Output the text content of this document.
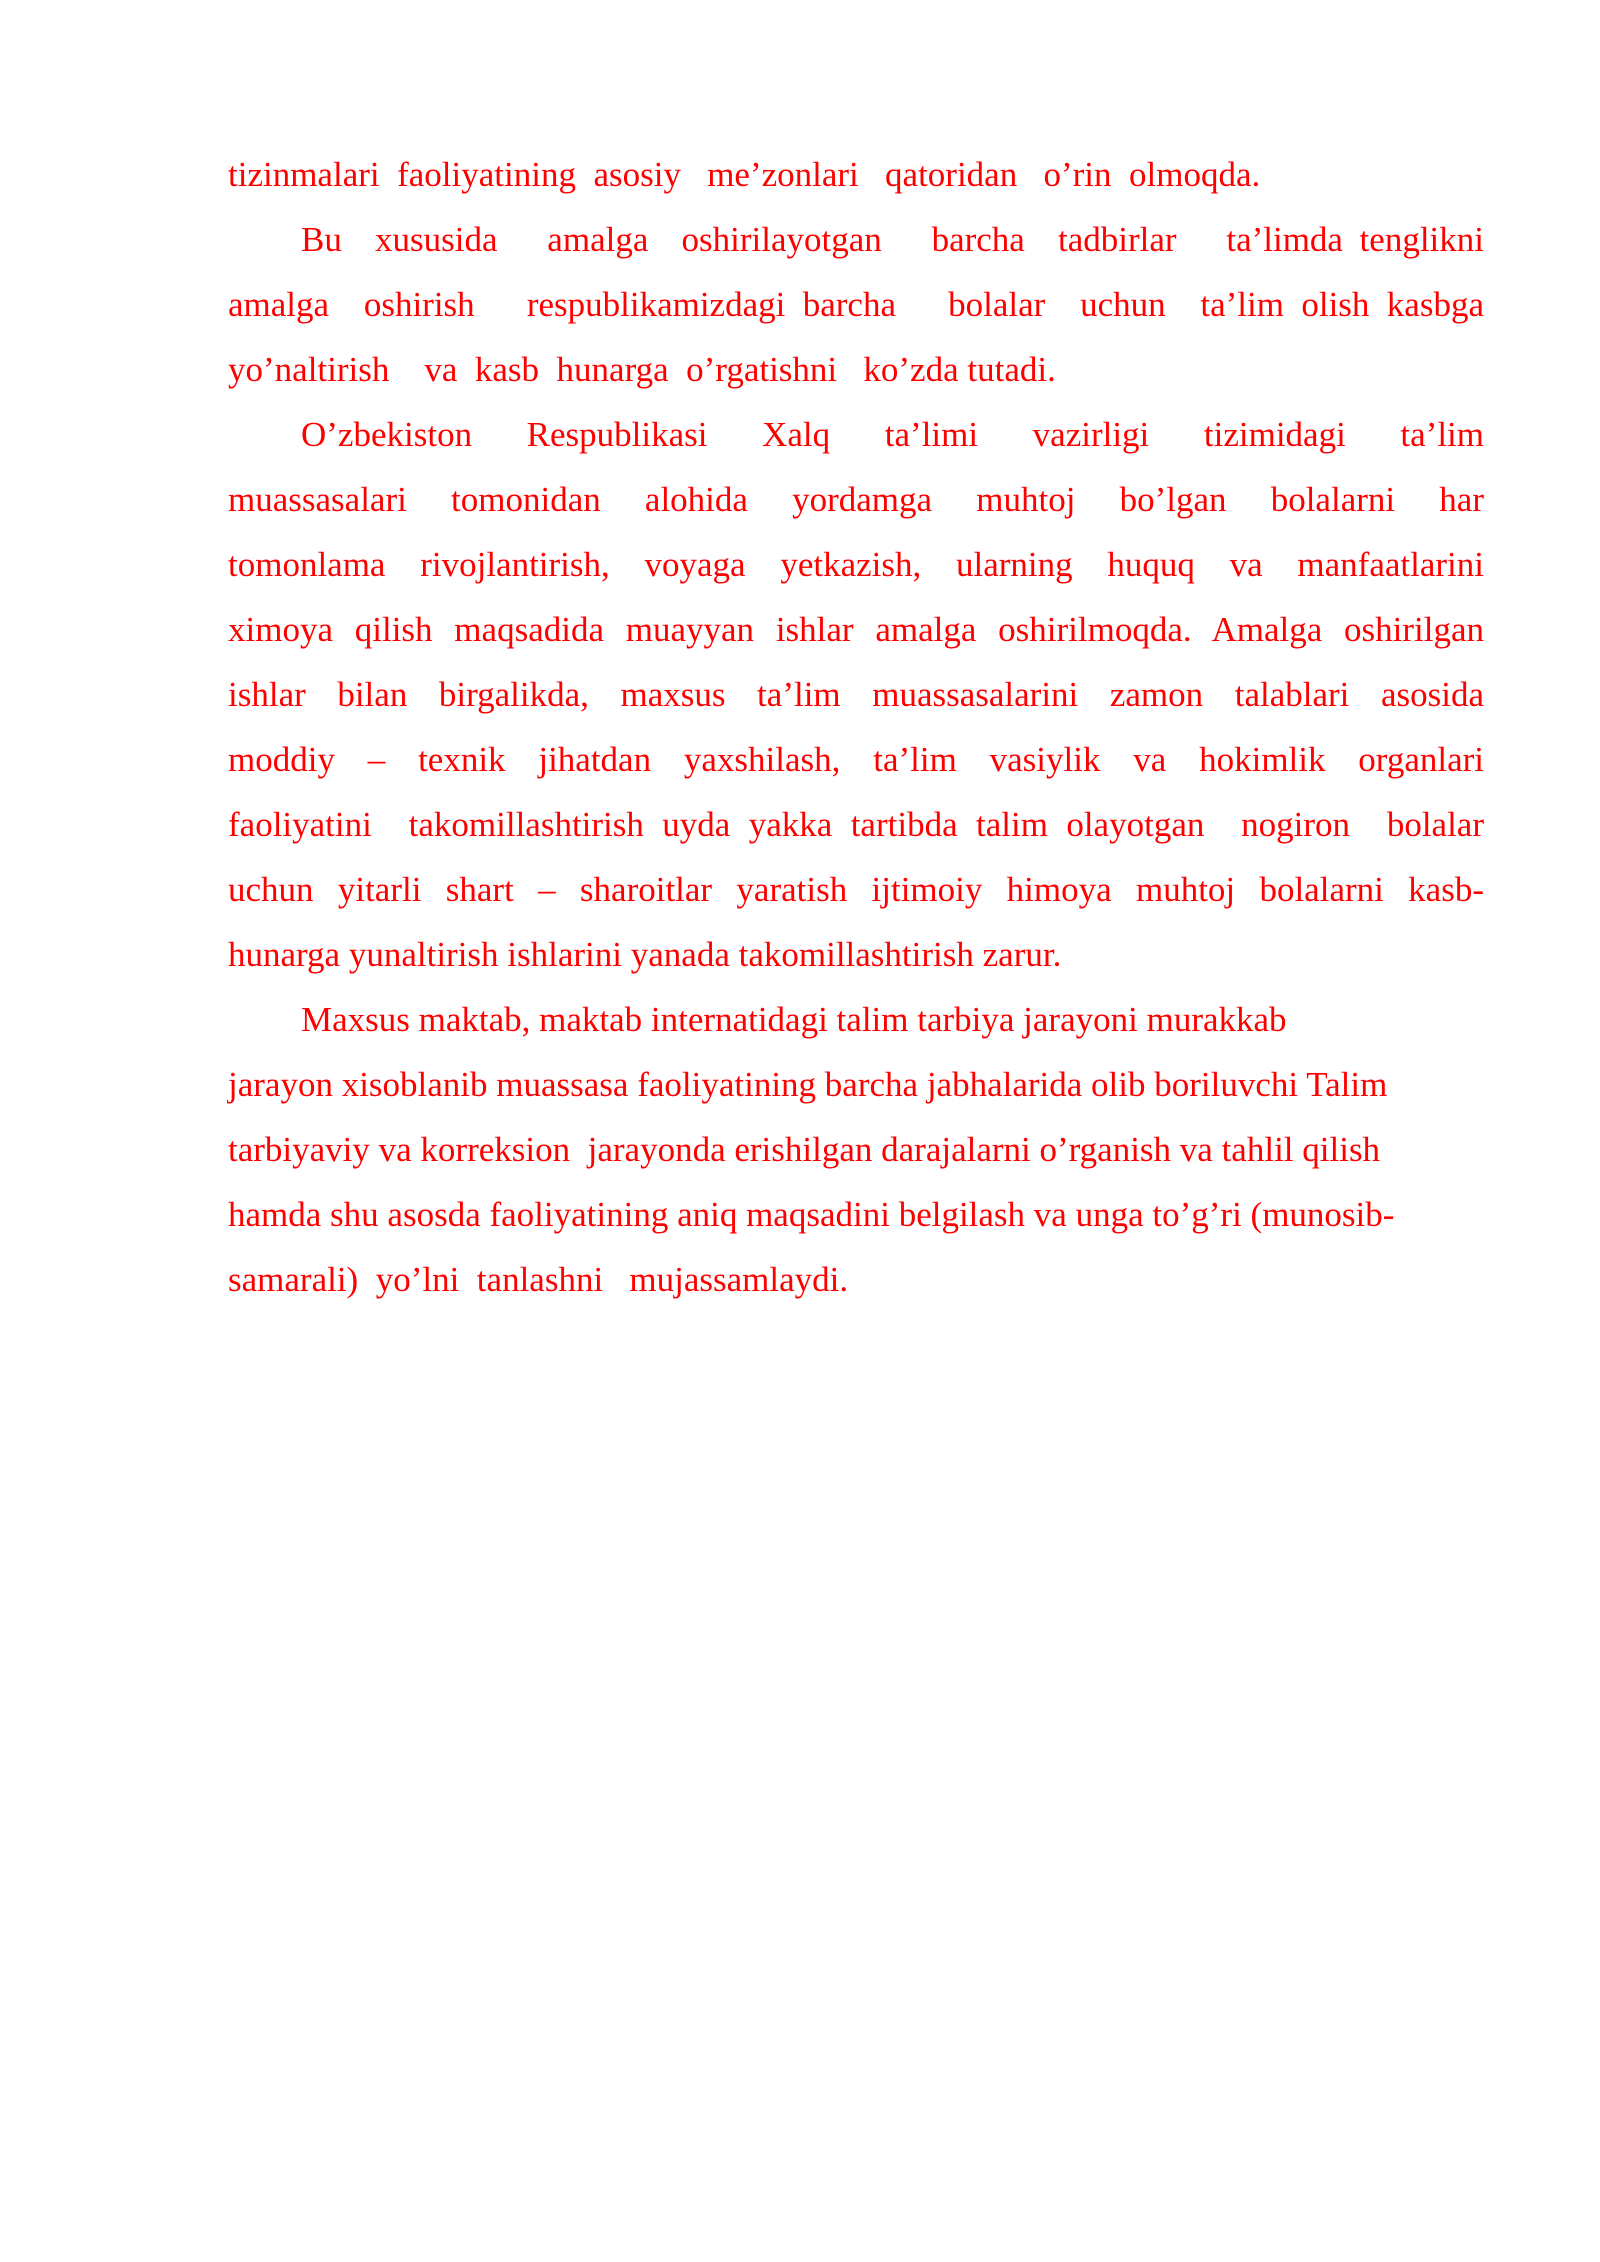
tizinmalari  faoliyatining  asosiy   me’zonlari   qatoridan   o’rin  olmoqda.
Bu  xususida   amalga  oshirilayotgan   barcha  tadbirlar   ta’limda tenglikni
amalga  oshirish   respublikamizdagi barcha   bolalar  uchun  ta’lim olish kasbga
yo’naltirish    va  kasb  hunarga  o’rgatishni   ko’zda tutadi.
O’zbekiston  Respublikasi  Xalq  ta’limi  vazirligi  tizimidagi  ta’lim
muassasalari  tomonidan  alohida  yordamga  muhtoj  bo’lgan  bolalarni  har
tomonlama  rivojlantirish,  voyaga  yetkazish,  ularning  huquq  va  manfaatlarini
ximoya qilish maqsadida muayyan ishlar amalga oshirilmoqda. Amalga oshirilgan
ishlar  bilan  birgalikda,  maxsus  ta’lim  muassasalarini  zamon  talablari  asosida
moddiy  –  texnik  jihatdan  yaxshilash,  ta’lim  vasiylik  va  hokimlik  organlari
faoliyatini  takomillashtirish uyda yakka tartibda talim olayotgan  nogiron  bolalar
uchun  yitarli  shart  –  sharoitlar  yaratish  ijtimoiy  himoya  muhtoj  bolalarni  kasb-
hunarga yunaltirish ishlarini yanada takomillashtirish zarur.
Maxsus maktab, maktab internatidagi talim tarbiya jarayoni murakkab
jarayon xisoblanib muassasa faoliyatining barcha jabhalarida olib boriluvchi Talim
tarbiyaviy va korreksion  jarayonda erishilgan darajalarni o’rganish va tahlil qilish
hamda shu asosda faoliyatining aniq maqsadini belgilash va unga to’g’ri (munosib-
samarali)  yo’lni  tanlashni   mujassamlaydi.
